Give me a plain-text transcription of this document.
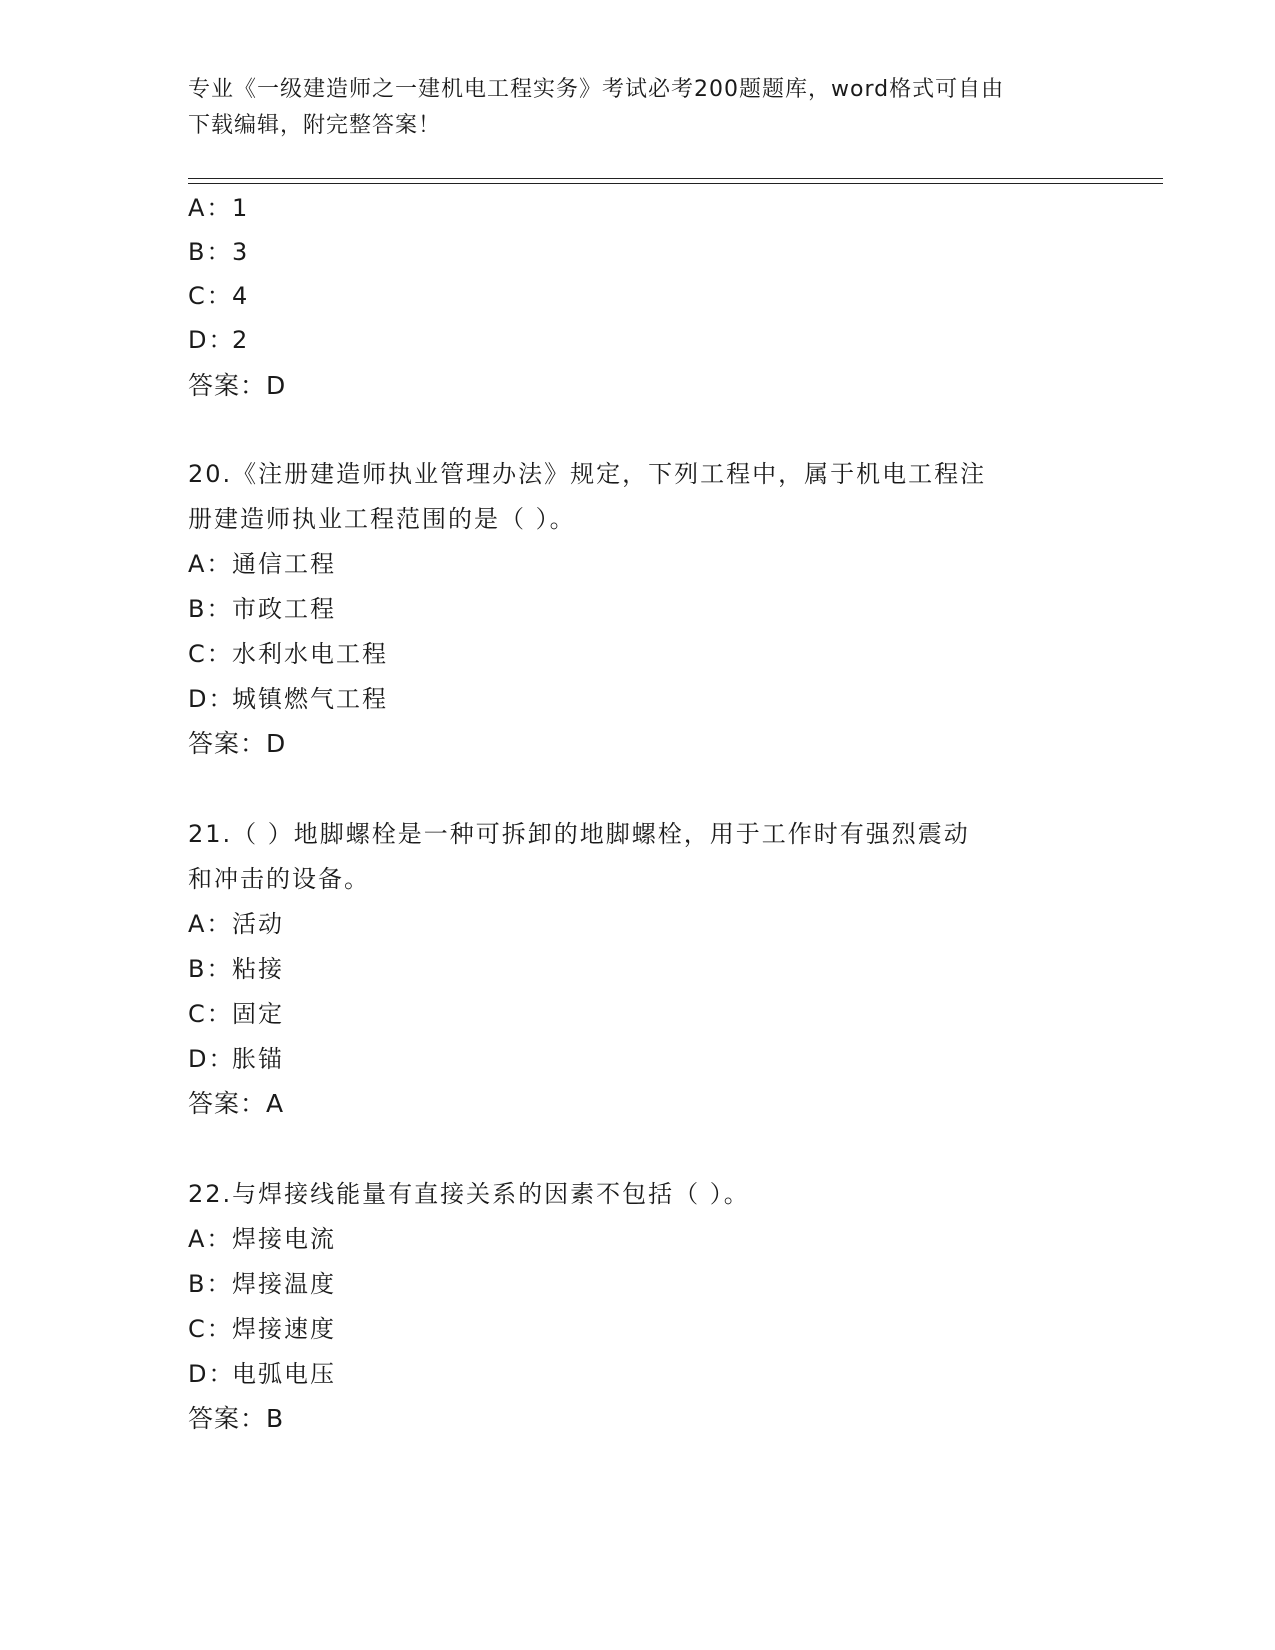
专业《一级建造师之一建机电工程实务》考试必考200题题库，word格式可自由
下载编辑，附完整答案！
A：1
B：3
C：4
D：2
答案：D
20.《注册建造师执业管理办法》规定，下列工程中，属于机电工程注
册建造师执业工程范围的是（ ）。
A：通信工程
B：市政工程
C：水利水电工程
D：城镇燃气工程
答案：D
21.（ ）地脚螺栓是一种可拆卸的地脚螺栓，用于工作时有强烈震动
和冲击的设备。
A：活动
B：粘接
C：固定
D：胀锚
答案：A
22.与焊接线能量有直接关系的因素不包括（ ）。
A：焊接电流
B：焊接温度
C：焊接速度
D：电弧电压
答案：B
